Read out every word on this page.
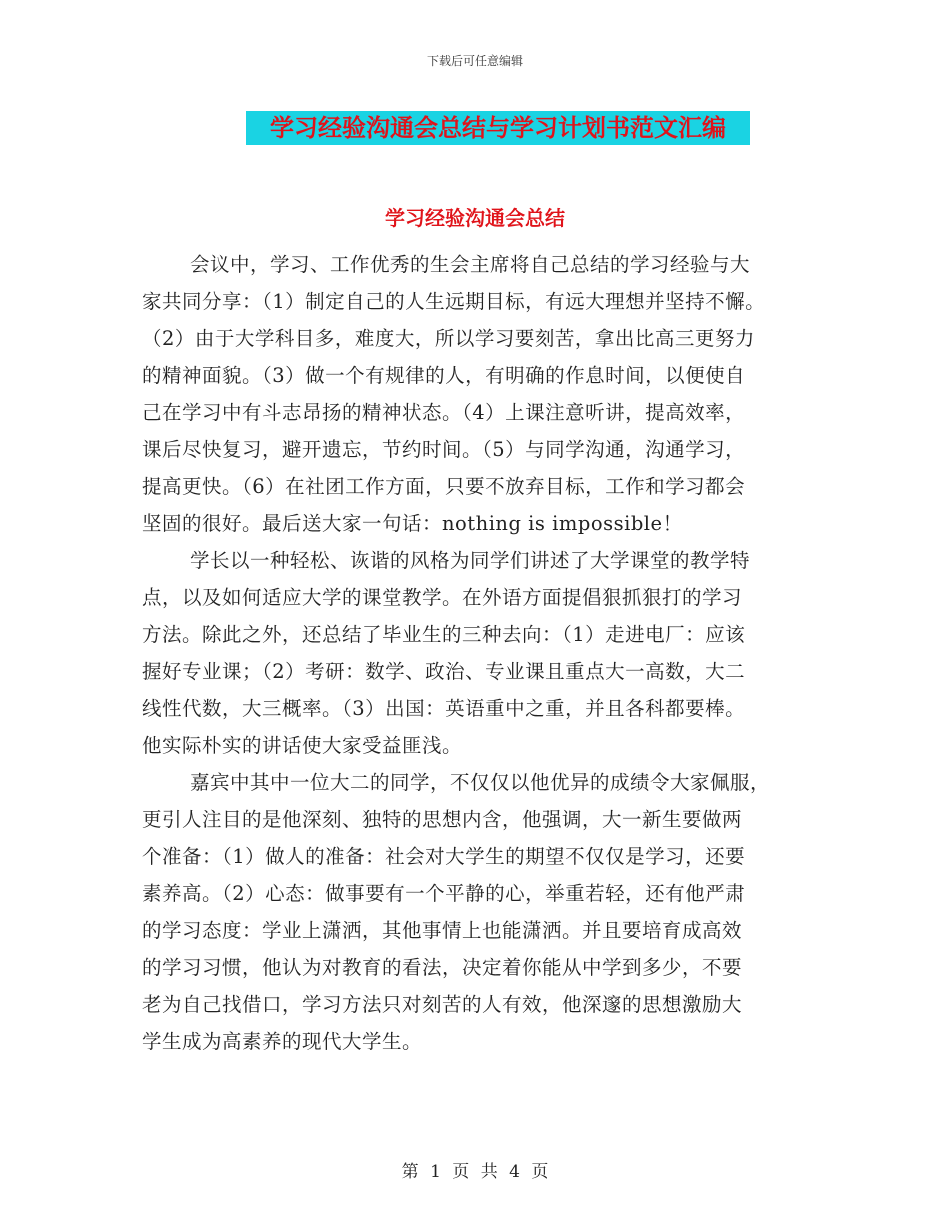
下载后可任意编辑
学习经验沟通会总结与学习计划书范文汇编
学习经验沟通会总结
会议中，学习、工作优秀的生会主席将自己总结的学习经验与大
家共同分享：（1）制定自己的人生远期目标，有远大理想并坚持不懈。
（2）由于大学科目多，难度大，所以学习要刻苦，拿出比高三更努力
的精神面貌。（3）做一个有规律的人，有明确的作息时间，以便使自
己在学习中有斗志昂扬的精神状态。（4）上课注意听讲，提高效率，
课后尽快复习，避开遗忘，节约时间。（5）与同学沟通，沟通学习，
提高更快。（6）在社团工作方面，只要不放弃目标，工作和学习都会
坚固的很好。最后送大家一句话：nothing is impossible！
学长以一种轻松、诙谐的风格为同学们讲述了大学课堂的教学特
点，以及如何适应大学的课堂教学。在外语方面提倡狠抓狠打的学习
方法。除此之外，还总结了毕业生的三种去向：（1）走进电厂：应该
握好专业课；（2）考研：数学、政治、专业课且重点大一高数，大二
线性代数，大三概率。（3）出国：英语重中之重，并且各科都要棒。
他实际朴实的讲话使大家受益匪浅。
嘉宾中其中一位大二的同学，不仅仅以他优异的成绩令大家佩服，
更引人注目的是他深刻、独特的思想内含，他强调，大一新生要做两
个准备：（1）做人的准备：社会对大学生的期望不仅仅是学习，还要
素养高。（2）心态：做事要有一个平静的心，举重若轻，还有他严肃
的学习态度：学业上潇洒，其他事情上也能潇洒。并且要培育成高效
的学习习惯，他认为对教育的看法，决定着你能从中学到多少，不要
老为自己找借口，学习方法只对刻苦的人有效，他深邃的思想激励大
学生成为高素养的现代大学生。
第 1 页 共 4 页
